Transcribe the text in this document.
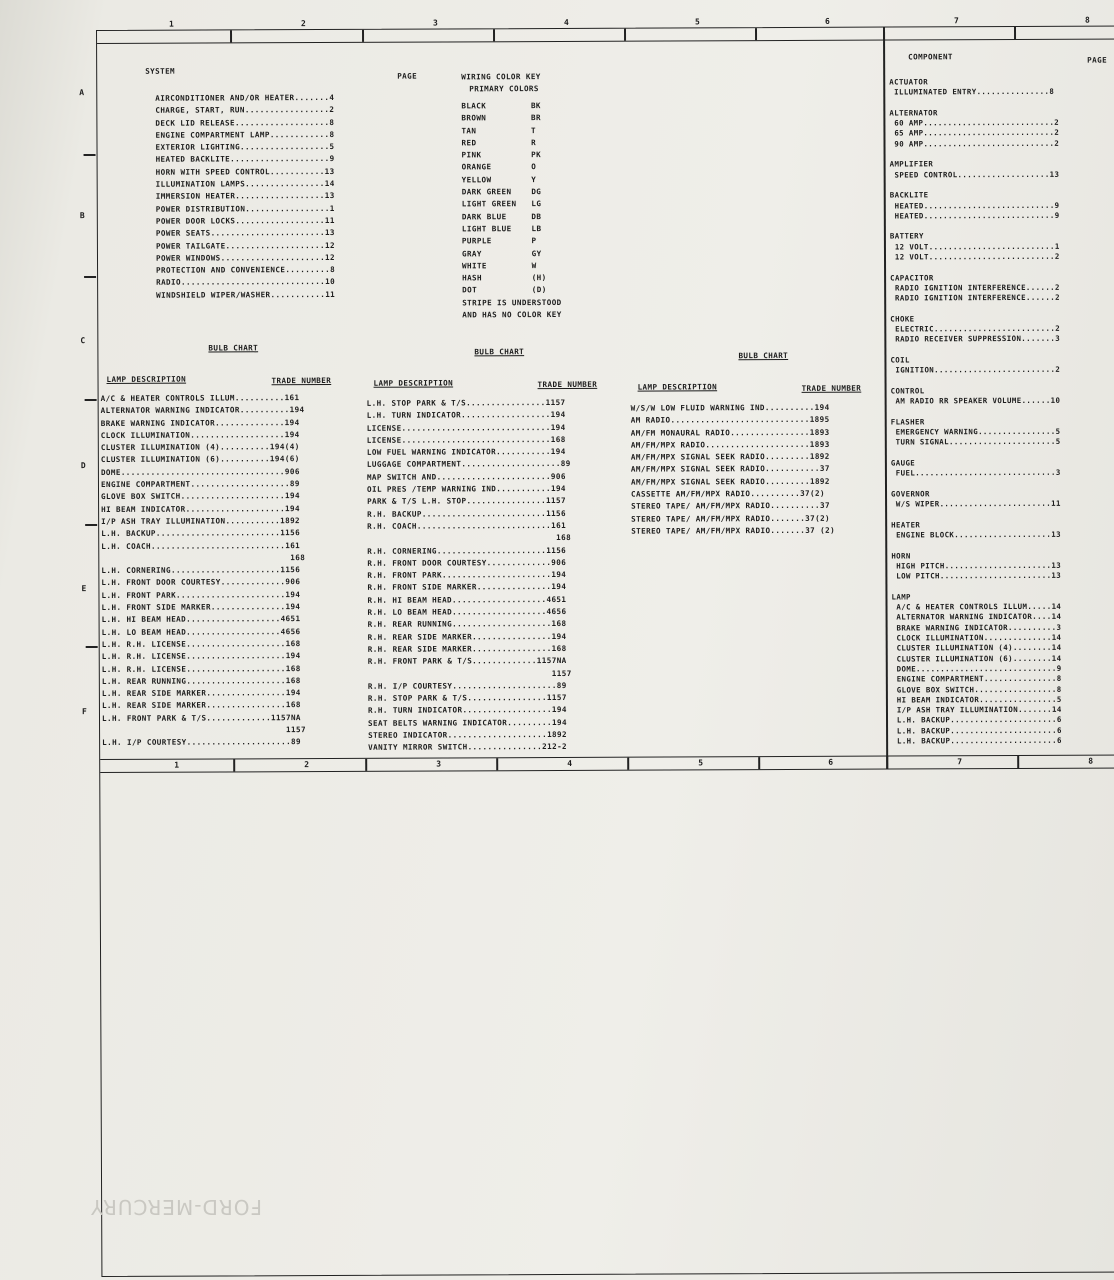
1	2	3	4	5	6	7	8
1	2	3	4	5	6	7	8
A
B
C
D
E
F
SYSTEM
PAGE
AIRCONDITIONER AND/OR HEATER.......4
CHARGE, START, RUN.................2
DECK LID RELEASE...................8
ENGINE COMPARTMENT LAMP............8
EXTERIOR LIGHTING..................5
HEATED BACKLITE....................9
HORN WITH SPEED CONTROL...........13
ILLUMINATION LAMPS................14
IMMERSION HEATER..................13
POWER DISTRIBUTION.................1
POWER DOOR LOCKS..................11
POWER SEATS.......................13
POWER TAILGATE....................12
POWER WINDOWS.....................12
PROTECTION AND CONVENIENCE.........8
RADIO.............................10
WINDSHIELD WIPER/WASHER...........11
WIRING COLOR KEY
PRIMARY COLORS
BLACK         BK
BROWN         BR
TAN           T
RED           R
PINK          PK
ORANGE        O
YELLOW        Y
DARK GREEN    DG
LIGHT GREEN   LG
DARK BLUE     DB
LIGHT BLUE    LB
PURPLE        P
GRAY          GY
WHITE         W
HASH          (H)
DOT           (D)
STRIPE IS UNDERSTOOD
AND HAS NO COLOR KEY
BULB CHART
LAMP DESCRIPTION	TRADE NUMBER
A/C & HEATER CONTROLS ILLUM..........161
ALTERNATOR WARNING INDICATOR..........194
BRAKE WARNING INDICATOR..............194
CLOCK ILLUMINATION...................194
CLUSTER ILLUMINATION (4)..........194(4)
CLUSTER ILLUMINATION (6)..........194(6)
DOME.................................906
ENGINE COMPARTMENT....................89
GLOVE BOX SWITCH.....................194
HI BEAM INDICATOR....................194
I/P ASH TRAY ILLUMINATION...........1892
L.H. BACKUP.........................1156
L.H. COACH...........................161
168
L.H. CORNERING......................1156
L.H. FRONT DOOR COURTESY.............906
L.H. FRONT PARK......................194
L.H. FRONT SIDE MARKER...............194
L.H. HI BEAM HEAD...................4651
L.H. LO BEAM HEAD...................4656
L.H. R.H. LICENSE....................168
L.H. R.H. LICENSE....................194
L.H. R.H. LICENSE....................168
L.H. REAR RUNNING....................168
L.H. REAR SIDE MARKER................194
L.H. REAR SIDE MARKER................168
L.H. FRONT PARK & T/S.............1157NA
1157
L.H. I/P COURTESY.....................89
BULB CHART
LAMP DESCRIPTION	TRADE NUMBER
L.H. STOP PARK & T/S................1157
L.H. TURN INDICATOR..................194
LICENSE..............................194
LICENSE..............................168
LOW FUEL WARNING INDICATOR...........194
LUGGAGE COMPARTMENT....................89
MAP SWITCH AND.......................906
OIL PRES /TEMP WARNING IND...........194
PARK & T/S L.H. STOP................1157
R.H. BACKUP.........................1156
R.H. COACH...........................161
168
R.H. CORNERING......................1156
R.H. FRONT DOOR COURTESY.............906
R.H. FRONT PARK......................194
R.H. FRONT SIDE MARKER...............194
R.H. HI BEAM HEAD...................4651
R.H. LO BEAM HEAD...................4656
R.H. REAR RUNNING....................168
R.H. REAR SIDE MARKER................194
R.H. REAR SIDE MARKER................168
R.H. FRONT PARK & T/S.............1157NA
1157
R.H. I/P COURTESY.....................89
R.H. STOP PARK & T/S................1157
R.H. TURN INDICATOR..................194
SEAT BELTS WARNING INDICATOR.........194
STEREO INDICATOR....................1892
VANITY MIRROR SWITCH...............212-2
BULB CHART
LAMP DESCRIPTION	TRADE NUMBER
W/S/W LOW FLUID WARNING IND..........194
AM RADIO............................1895
AM/FM MONAURAL RADIO................1893
AM/FM/MPX RADIO.....................1893
AM/FM/MPX SIGNAL SEEK RADIO.........1892
AM/FM/MPX SIGNAL SEEK RADIO...........37
AM/FM/MPX SIGNAL SEEK RADIO.........1892
CASSETTE AM/FM/MPX RADIO..........37(2)
STEREO TAPE/ AM/FM/MPX RADIO..........37
STEREO TAPE/ AM/FM/MPX RADIO.......37(2)
STEREO TAPE/ AM/FM/MPX RADIO.......37 (2)
COMPONENT	PAGE
ACTUATOR
ILLUMINATED ENTRY...............8
ALTERNATOR
60 AMP...........................2
65 AMP...........................2
90 AMP...........................2
AMPLIFIER
SPEED CONTROL...................13
BACKLITE
HEATED...........................9
HEATED...........................9
BATTERY
12 VOLT..........................1
12 VOLT..........................2
CAPACITOR
RADIO IGNITION INTERFERENCE......2
RADIO IGNITION INTERFERENCE......2
CHOKE
ELECTRIC.........................2
RADIO RECEIVER SUPPRESSION.......3
COIL
IGNITION.........................2
CONTROL
AM RADIO RR SPEAKER VOLUME......10
FLASHER
EMERGENCY WARNING................5
TURN SIGNAL......................5
GAUGE
FUEL.............................3
GOVERNOR
W/S WIPER.......................11
HEATER
ENGINE BLOCK....................13
HORN
HIGH PITCH......................13
LOW PITCH.......................13
LAMP
A/C & HEATER CONTROLS ILLUM.....14
ALTERNATOR WARNING INDICATOR....14
BRAKE WARNING INDICATOR..........3
CLOCK ILLUMINATION..............14
CLUSTER ILLUMINATION (4)........14
CLUSTER ILLUMINATION (6)........14
DOME.............................9
ENGINE COMPARTMENT...............8
GLOVE BOX SWITCH.................8
HI BEAM INDICATOR................5
I/P ASH TRAY ILLUMINATION.......14
L.H. BACKUP......................6
L.H. BACKUP......................6
L.H. BACKUP......................6
FORD-MERCURY
